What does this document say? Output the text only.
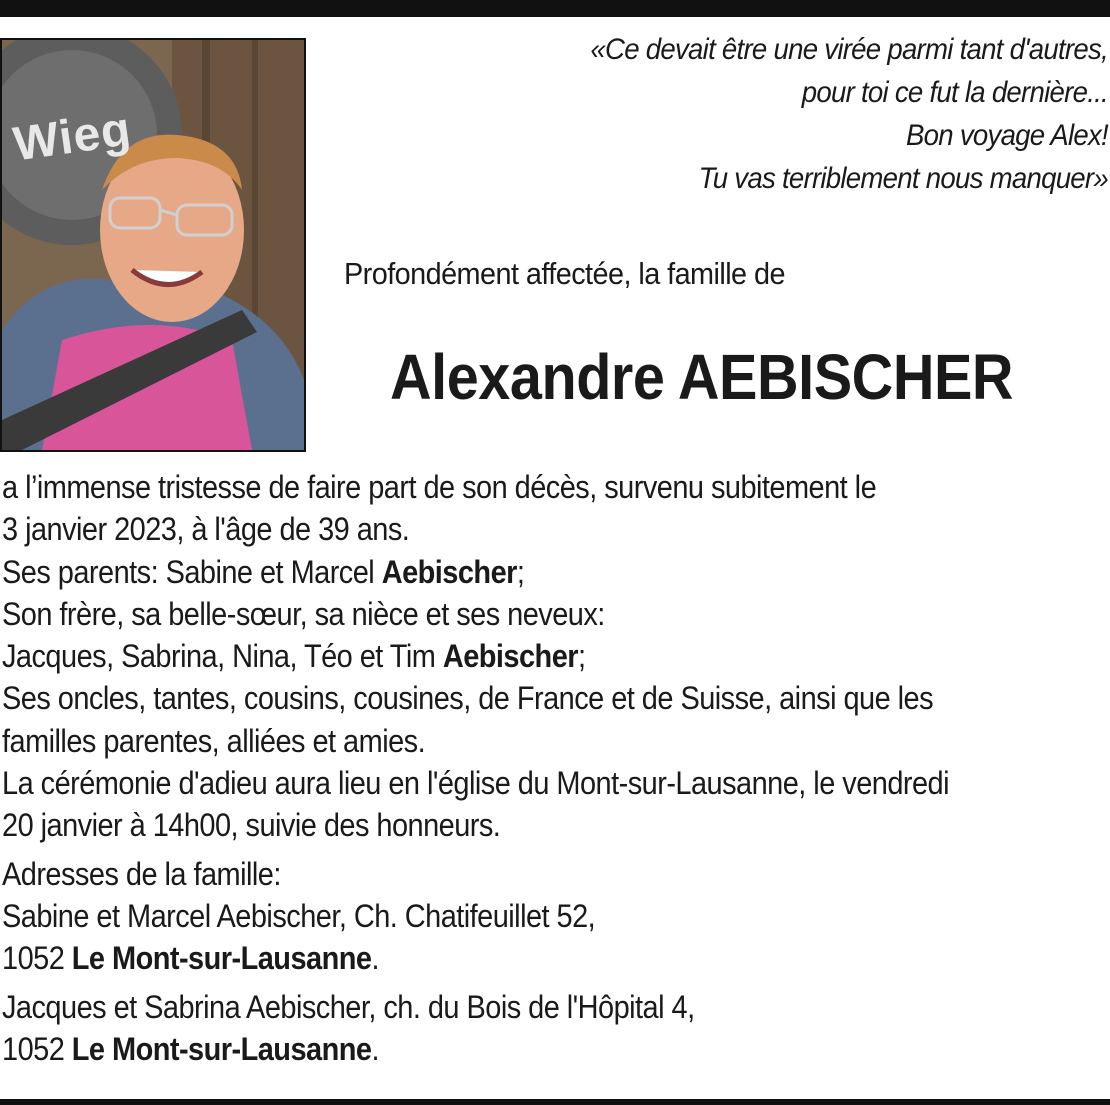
Wieg
«Ce devait être une virée parmi tant d'autres,
pour toi ce fut la dernière...
Bon voyage Alex!
Tu vas terriblement nous manquer»
Profondément affectée, la famille de
Alexandre AEBISCHER
a l’immense tristesse de faire part de son décès, survenu subitement le
3 janvier 2023, à l'âge de 39 ans.
Ses parents: Sabine et Marcel Aebischer;
Son frère, sa belle-sœur, sa nièce et ses neveux:
Jacques, Sabrina, Nina, Téo et Tim Aebischer;
Ses oncles, tantes, cousins, cousines, de France et de Suisse, ainsi que les
familles parentes, alliées et amies.
La cérémonie d'adieu aura lieu en l'église du Mont-sur-Lausanne, le vendredi
20 janvier à 14h00, suivie des honneurs.
Adresses de la famille:
Sabine et Marcel Aebischer, Ch. Chatifeuillet 52,
1052 Le Mont-sur-Lausanne.
Jacques et Sabrina Aebischer, ch. du Bois de l'Hôpital 4,
1052 Le Mont-sur-Lausanne.
